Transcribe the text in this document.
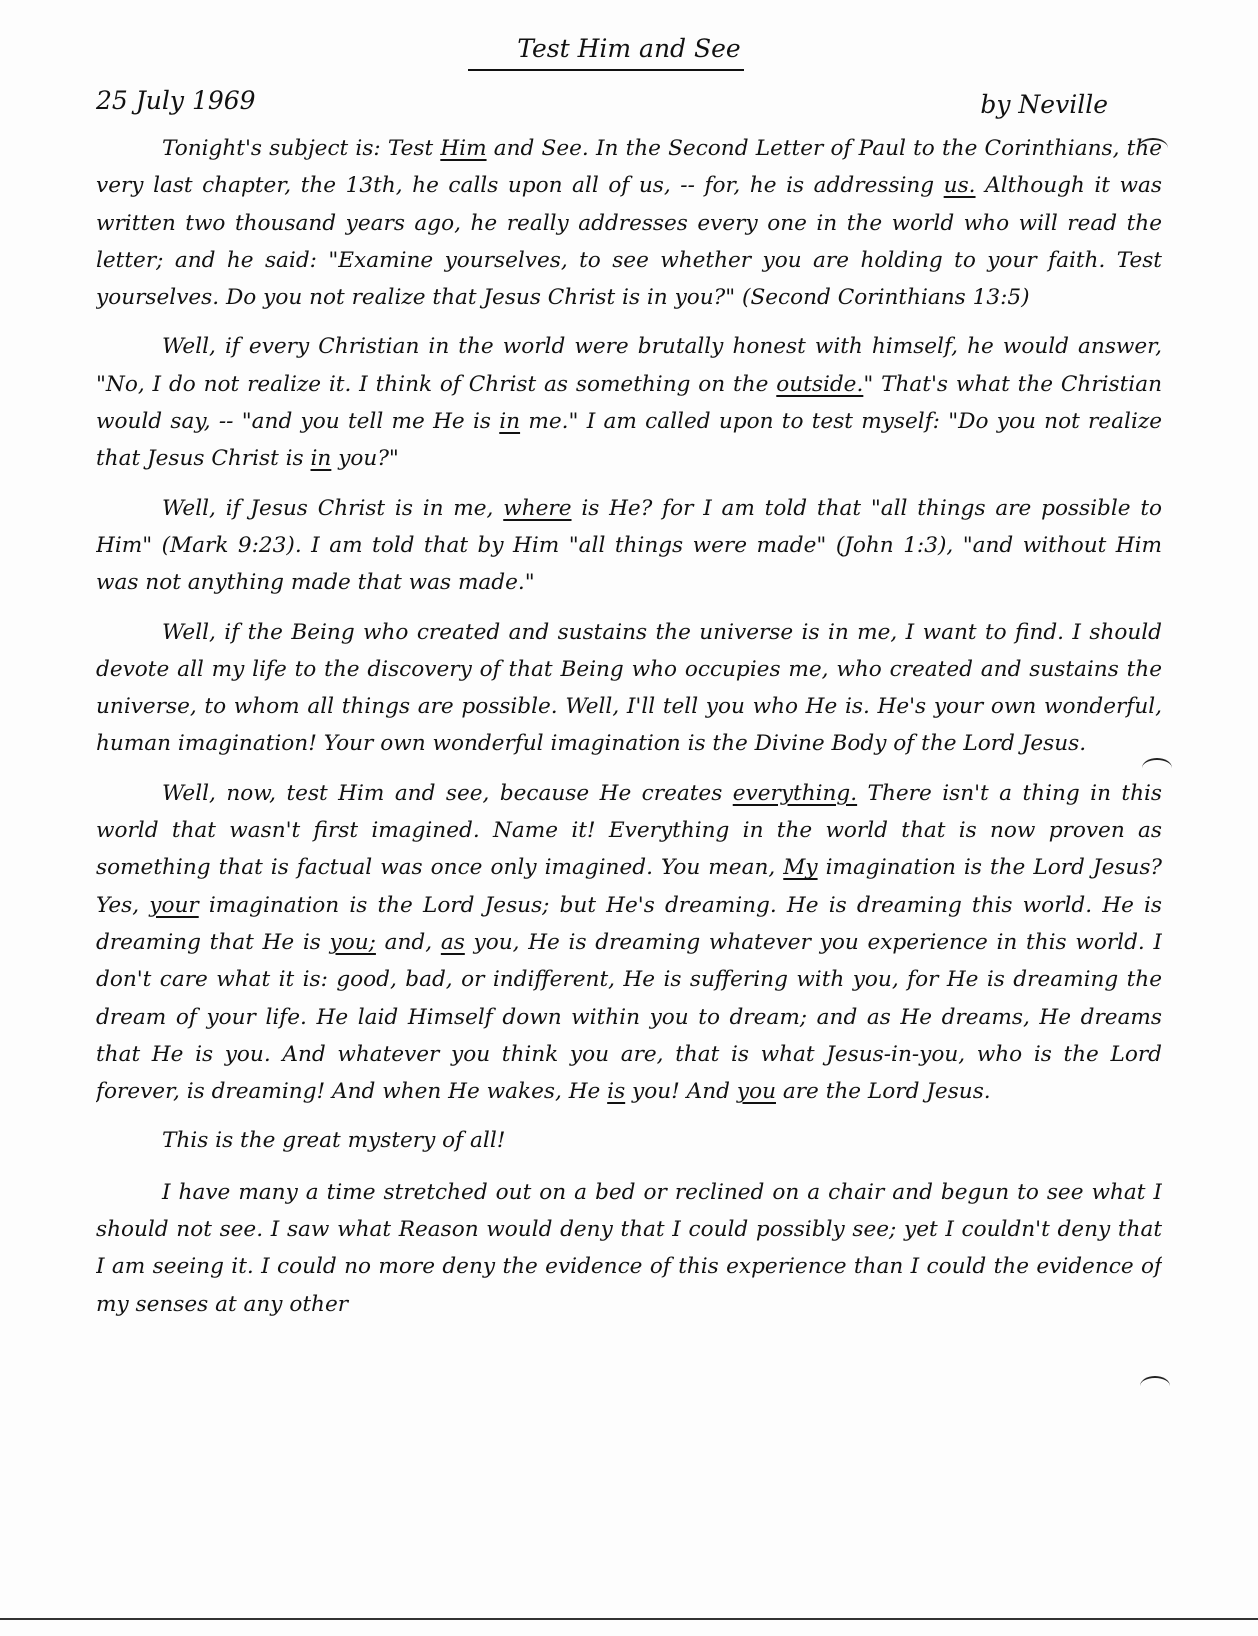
Test Him and See
25 July 1969	by Neville

Tonight's subject is: Test Him and See. In the Second Letter of Paul to the Corinthians, the very last chapter, the 13th, he calls upon all of us, -- for, he is addressing us. Although it was written two thousand years ago, he really addresses every one in the world who will read the letter; and he said: "Examine yourselves, to see whether you are holding to your faith. Test yourselves. Do you not realize that Jesus Christ is in you?" (Second Corinthians 13:5)

Well, if every Christian in the world were brutally honest with himself, he would answer, "No, I do not realize it. I think of Christ as something on the outside." That's what the Christian would say, -- "and you tell me He is in me." I am called upon to test myself: "Do you not realize that Jesus Christ is in you?"

Well, if Jesus Christ is in me, where is He? for I am told that "all things are possible to Him" (Mark 9:23). I am told that by Him "all things were made" (John 1:3), "and without Him was not anything made that was made."

Well, if the Being who created and sustains the universe is in me, I want to find. I should devote all my life to the discovery of that Being who occupies me, who created and sustains the universe, to whom all things are possible. Well, I'll tell you who He is. He's your own wonderful, human imagination! Your own wonderful imagination is the Divine Body of the Lord Jesus.

Well, now, test Him and see, because He creates everything. There isn't a thing in this world that wasn't first imagined. Name it! Everything in the world that is now proven as something that is factual was once only imagined. You mean, My imagination is the Lord Jesus? Yes, your imagination is the Lord Jesus; but He's dreaming. He is dreaming this world. He is dreaming that He is you; and, as you, He is dreaming whatever you experience in this world. I don't care what it is: good, bad, or indifferent, He is suffering with you, for He is dreaming the dream of your life. He laid Himself down within you to dream; and as He dreams, He dreams that He is you. And whatever you think you are, that is what Jesus-in-you, who is the Lord forever, is dreaming! And when He wakes, He is you! And you are the Lord Jesus.

This is the great mystery of all!

I have many a time stretched out on a bed or reclined on a chair and begun to see what I should not see. I saw what Reason would deny that I could possibly see; yet I couldn't deny that I am seeing it. I could no more deny the evidence of this experience than I could the evidence of my senses at any other
